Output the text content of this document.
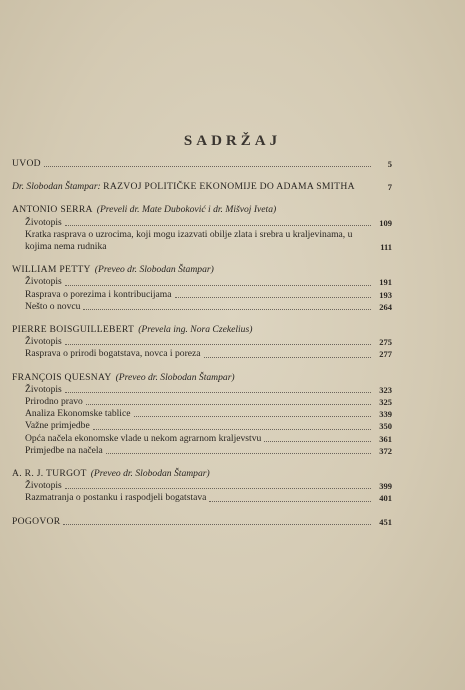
SADRŽAJ
UVOD	5
Dr. Slobodan Štampar: RAZVOJ POLITIČKE EKONOMIJE DO ADAMA SMITHA	7
ANTONIO SERRA (Preveli dr. Mate Duboković i dr. Mišvoj Iveta)
Životopis	109
Kratka rasprava o uzrocima, koji mogu izazvati obilje zlata i srebra u kraljevinama, u kojima nema rudnika	111
WILLIAM PETTY (Preveo dr. Slobodan Štampar)
Životopis	191
Rasprava o porezima i kontribucijama	193
Nešto o novcu	264
PIERRE BOISGUILLEBERT (Prevela ing. Nora Czekelius)
Životopis	275
Rasprava o prirodi bogatstava, novca i poreza	277
FRANÇOIS QUESNAY (Preveo dr. Slobodan Štampar)
Životopis	323
Prirodno pravo	325
Analiza Ekonomske tablice	339
Važne primjedbe	350
Opća načela ekonomske vlade u nekom agrarnom kraljevstvu	361
Primjedbe na načela	372
A. R. J. TURGOT (Preveo dr. Slobodan Štampar)
Životopis	399
Razmatranja o postanku i raspodjeli bogatstava	401
POGOVOR	451
